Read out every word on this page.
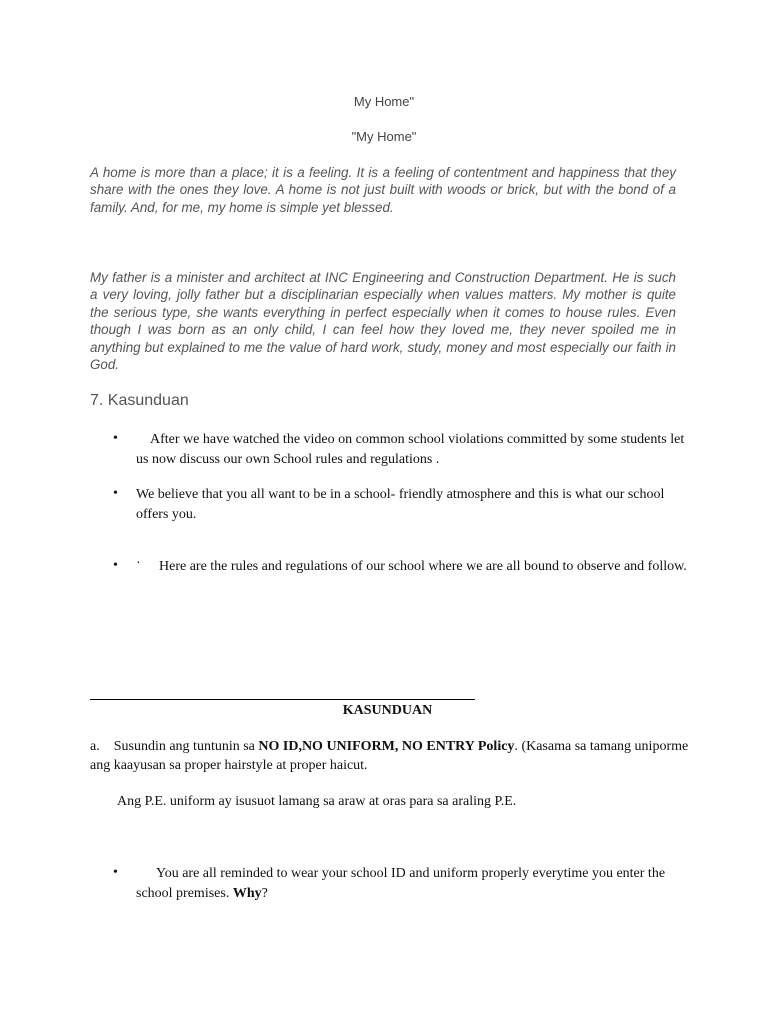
My Home"
"My Home"

A home is more than a place; it is a feeling. It is a feeling of contentment and happiness that they share with the ones they love. A home is not just built with woods or brick, but with the bond of a family. And, for me, my home is simple yet blessed.

My father is a minister and architect at INC Engineering and Construction Department. He is such a very loving, jolly father but a disciplinarian especially when values matters. My mother is quite the serious type, she wants everything in perfect especially when it comes to house rules. Even though I was born as an only child, I can feel how they loved me, they never spoiled me in anything but explained to me the value of hard work, study, money and most especially our faith in God.

7. Kasunduan
•	After we have watched the video on common school violations committed by some students let us now discuss our own School rules and regulations .

• We believe that you all want to be in a school- friendly atmosphere and this is what our school offers you.

• ·	Here are the rules and regulations of our school where we are all bound to observe and follow.

KASUNDUAN

a. Susundin ang tuntunin sa NO ID,NO UNIFORM, NO ENTRY Policy. (Kasama sa tamang uniporme ang kaayusan sa proper hairstyle at proper haicut.

Ang P.E. uniform ay isusuot lamang sa araw at oras para sa araling P.E.

•	You are all reminded to wear your school ID and uniform properly everytime you enter the school premises. Why?
